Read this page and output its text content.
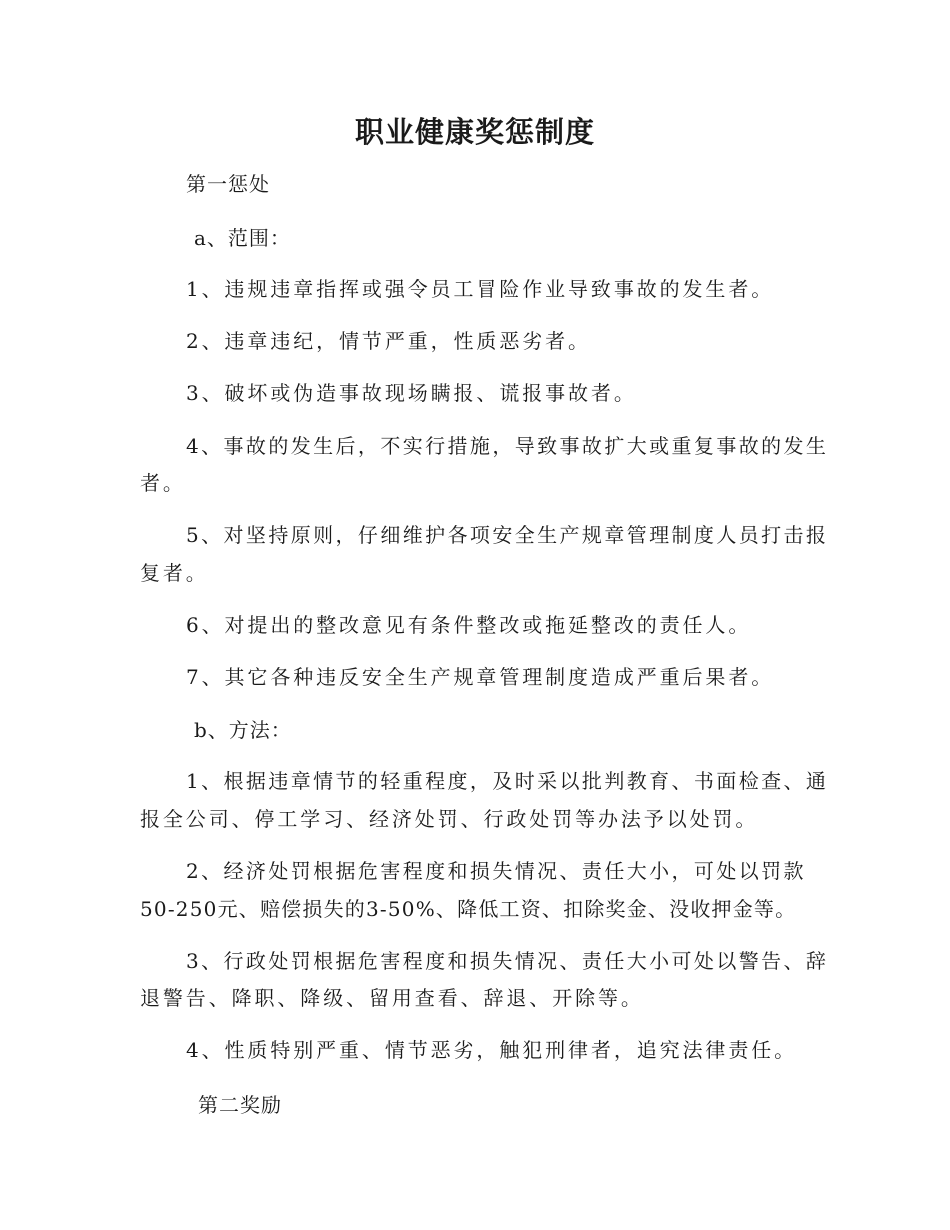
职业健康奖惩制度
第一惩处
a、范围：
1、违规违章指挥或强令员工冒险作业导致事故的发生者。
2、违章违纪，情节严重，性质恶劣者。
3、破坏或伪造事故现场瞒报、谎报事故者。
4、事故的发生后，不实行措施，导致事故扩大或重复事故的发生
者。
5、对坚持原则，仔细维护各项安全生产规章管理制度人员打击报
复者。
6、对提出的整改意见有条件整改或拖延整改的责任人。
7、其它各种违反安全生产规章管理制度造成严重后果者。
b、方法：
1、根据违章情节的轻重程度，及时采以批判教育、书面检查、通
报全公司、停工学习、经济处罚、行政处罚等办法予以处罚。
2、经济处罚根据危害程度和损失情况、责任大小，可处以罚款
50-250元、赔偿损失的3-50%、降低工资、扣除奖金、没收押金等。
3、行政处罚根据危害程度和损失情况、责任大小可处以警告、辞
退警告、降职、降级、留用查看、辞退、开除等。
4、性质特别严重、情节恶劣，触犯刑律者，追究法律责任。
第二奖励
